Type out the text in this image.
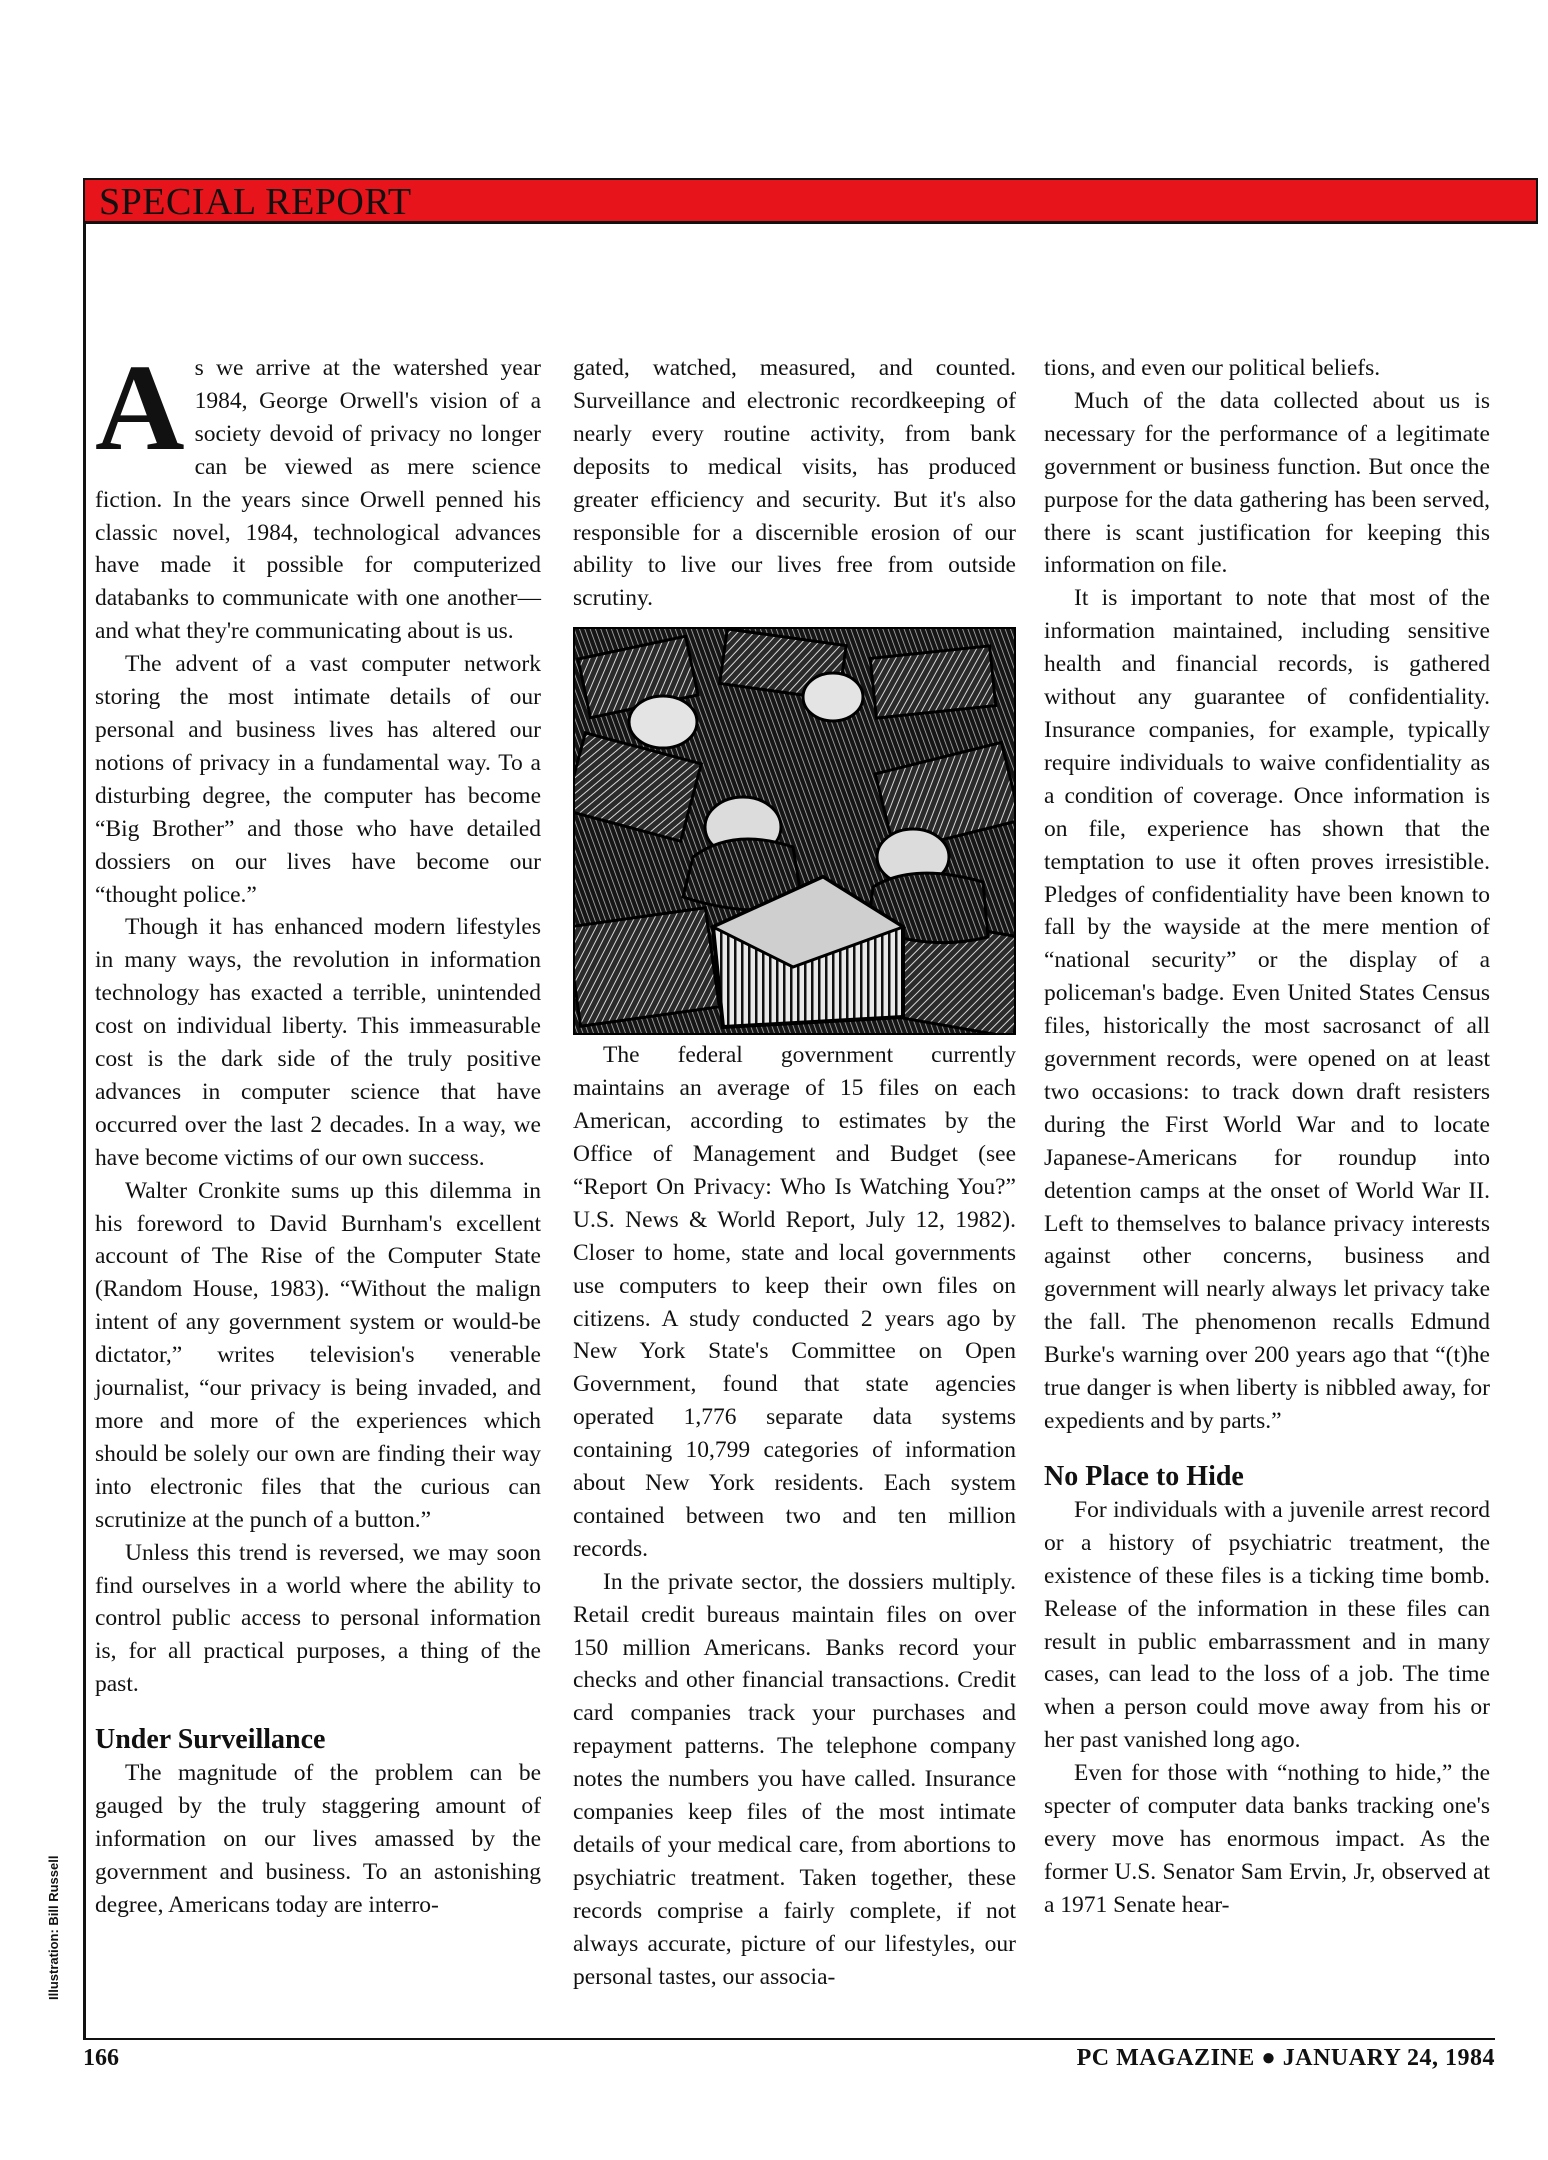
SPECIAL REPORT

As we arrive at the watershed year 1984, George Orwell's vision of a society devoid of privacy no longer can be viewed as mere science fiction. In the years since Orwell penned his classic novel, 1984, technological advances have made it possible for computerized databanks to communicate with one another—and what they're communicating about is us.

The advent of a vast computer network storing the most intimate details of our personal and business lives has altered our notions of privacy in a fundamental way. To a disturbing degree, the computer has become “Big Brother” and those who have detailed dossiers on our lives have become our “thought police.”

Though it has enhanced modern lifestyles in many ways, the revolution in information technology has exacted a terrible, unintended cost on individual liberty. This immeasurable cost is the dark side of the truly positive advances in computer science that have occurred over the last 2 decades. In a way, we have become victims of our own success.

Walter Cronkite sums up this dilemma in his foreword to David Burnham's excellent account of The Rise of the Computer State (Random House, 1983). “Without the malign intent of any government system or would-be dictator,” writes television's venerable journalist, “our privacy is being invaded, and more and more of the experiences which should be solely our own are finding their way into electronic files that the curious can scrutinize at the punch of a button.”

Unless this trend is reversed, we may soon find ourselves in a world where the ability to control public access to personal information is, for all practical purposes, a thing of the past.

Under Surveillance

The magnitude of the problem can be gauged by the truly staggering amount of information on our lives amassed by the government and business. To an astonishing degree, Americans today are interro-

gated, watched, measured, and counted. Surveillance and electronic recordkeeping of nearly every routine activity, from bank deposits to medical visits, has produced greater efficiency and security. But it's also responsible for a discernible erosion of our ability to live our lives free from outside scrutiny.

The federal government currently maintains an average of 15 files on each American, according to estimates by the Office of Management and Budget (see “Report On Privacy: Who Is Watching You?” U.S. News & World Report, July 12, 1982). Closer to home, state and local governments use computers to keep their own files on citizens. A study conducted 2 years ago by New York State's Committee on Open Government, found that state agencies operated 1,776 separate data systems containing 10,799 categories of information about New York residents. Each system contained between two and ten million records.

In the private sector, the dossiers multiply. Retail credit bureaus maintain files on over 150 million Americans. Banks record your checks and other financial transactions. Credit card companies track your purchases and repayment patterns. The telephone company notes the numbers you have called. Insurance companies keep files of the most intimate details of your medical care, from abortions to psychiatric treatment. Taken together, these records comprise a fairly complete, if not always accurate, picture of our lifestyles, our personal tastes, our associa-

tions, and even our political beliefs.

Much of the data collected about us is necessary for the performance of a legitimate government or business function. But once the purpose for the data gathering has been served, there is scant justification for keeping this information on file.

It is important to note that most of the information maintained, including sensitive health and financial records, is gathered without any guarantee of confidentiality. Insurance companies, for example, typically require individuals to waive confidentiality as a condition of coverage. Once information is on file, experience has shown that the temptation to use it often proves irresistible. Pledges of confidentiality have been known to fall by the wayside at the mere mention of “national security” or the display of a policeman's badge. Even United States Census files, historically the most sacrosanct of all government records, were opened on at least two occasions: to track down draft resisters during the First World War and to locate Japanese-Americans for roundup into detention camps at the onset of World War II. Left to themselves to balance privacy interests against other concerns, business and government will nearly always let privacy take the fall. The phenomenon recalls Edmund Burke's warning over 200 years ago that “(t)he true danger is when liberty is nibbled away, for expedients and by parts.”

No Place to Hide

For individuals with a juvenile arrest record or a history of psychiatric treatment, the existence of these files is a ticking time bomb. Release of the information in these files can result in public embarrassment and in many cases, can lead to the loss of a job. The time when a person could move away from his or her past vanished long ago.

Even for those with “nothing to hide,” the specter of computer data banks tracking one's every move has enormous impact. As the former U.S. Senator Sam Ervin, Jr, observed at a 1971 Senate hear-

Illustration: Bill Russell
166	PC MAGAZINE ● JANUARY 24, 1984
